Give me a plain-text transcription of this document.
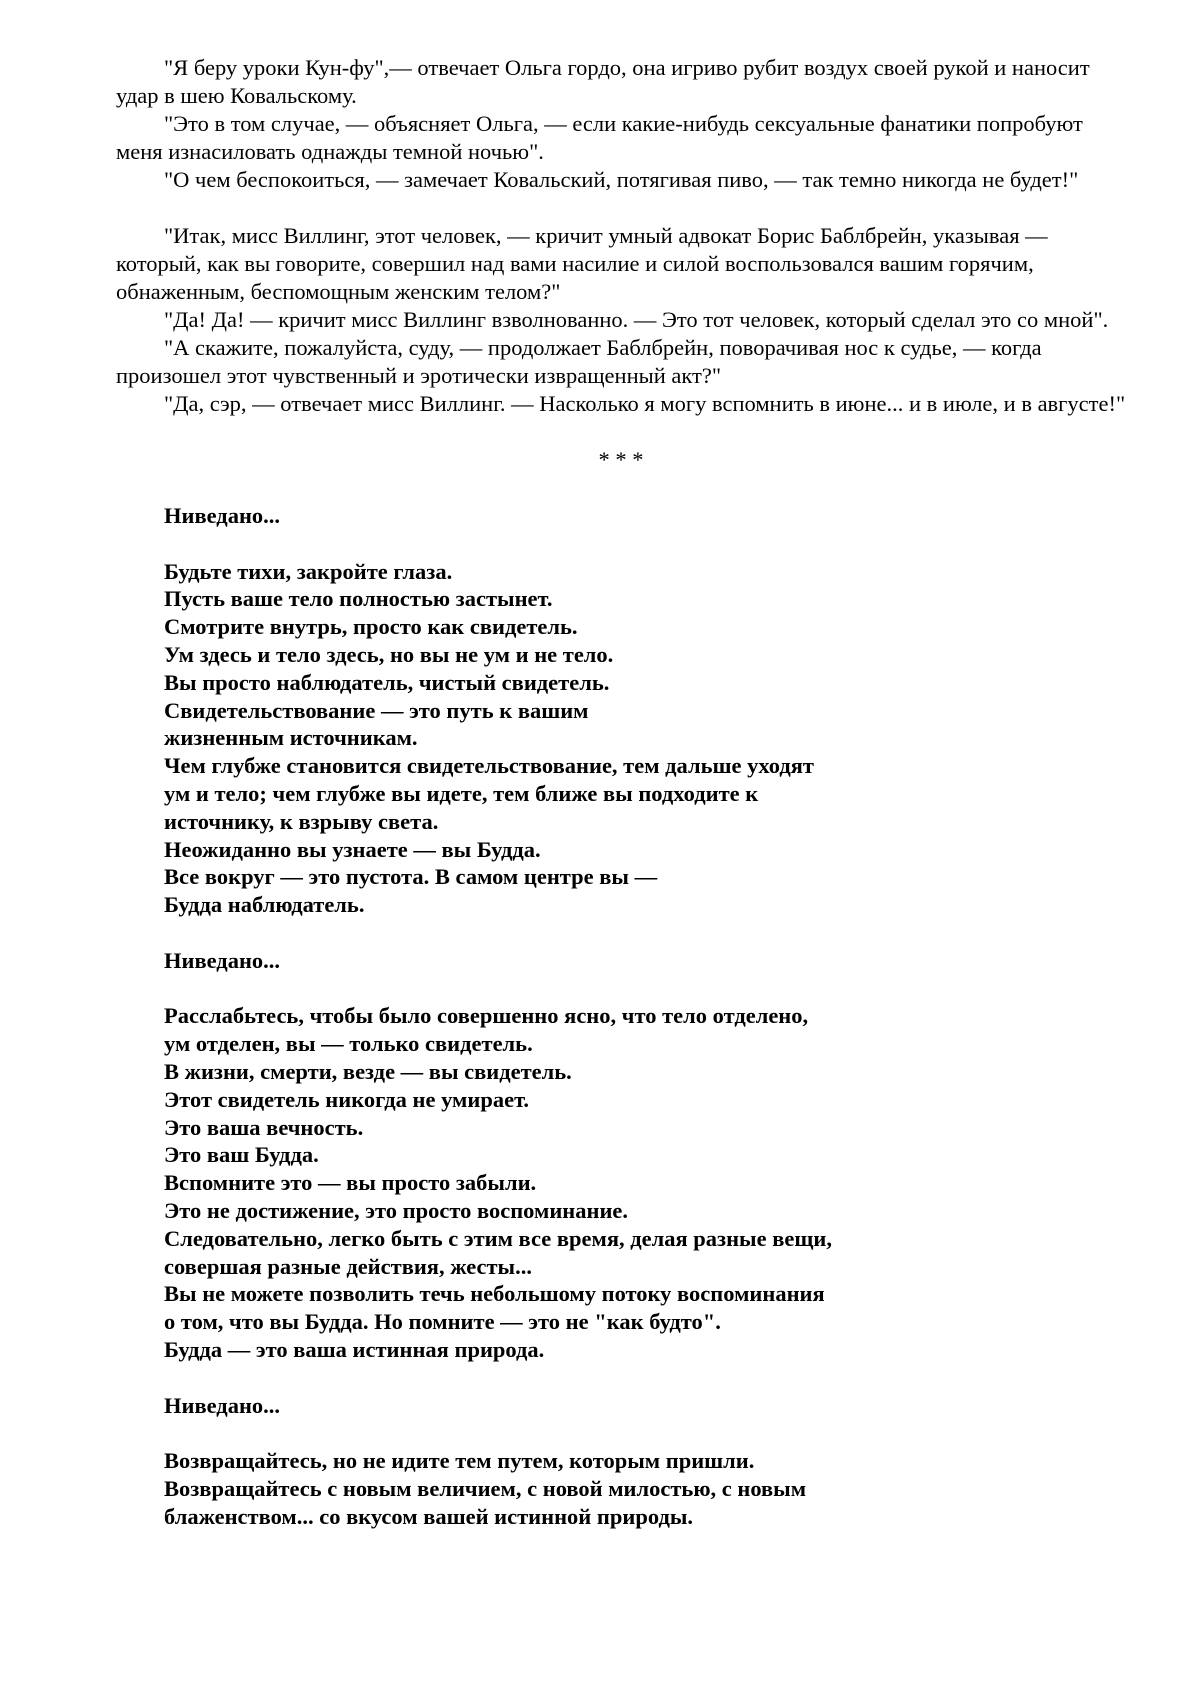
"Я беру уроки Кун-фу",— отвечает Ольга гордо, она игриво рубит воздух своей рукой и наносит удар в шею Ковальскому.

"Это в том случае, — объясняет Ольга, — если какие-нибудь сексуальные фанатики попробуют меня изнасиловать однажды темной ночью".

"О чем беспокоиться, — замечает Ковальский, потягивая пиво, — так темно никогда не будет!"

"Итак, мисс Виллинг, этот человек, — кричит умный адвокат Борис Баблбрейн, указывая — который, как вы говорите, совершил над вами насилие и силой воспользовался вашим горячим, обнаженным, беспомощным женским телом?"

"Да! Да! — кричит мисс Виллинг взволнованно. — Это тот человек, который сделал это со мной".

"А скажите, пожалуйста, суду, — продолжает Баблбрейн, поворачивая нос к судье, — когда произошел этот чувственный и эротически извращенный акт?"

"Да, сэр, — отвечает мисс Виллинг. — Насколько я могу вспомнить в июне... и в июле, и в августе!"

* * *
Ниведано...
Будьте тихи, закройте глаза.
Пусть ваше тело полностью застынет.
Смотрите внутрь, просто как свидетель.
Ум здесь и тело здесь, но вы не ум и не тело.
Вы просто наблюдатель, чистый свидетель.
Свидетельствование — это путь к вашим
жизненным источникам.
Чем глубже становится свидетельствование, тем дальше уходят
ум и тело; чем глубже вы идете, тем ближе вы подходите к
источнику, к взрыву света.
Неожиданно вы узнаете — вы Будда.
Все вокруг — это пустота. В самом центре вы —
Будда наблюдатель.
Ниведано...
Расслабьтесь, чтобы было совершенно ясно, что тело отделено,
ум отделен, вы — только свидетель.
В жизни, смерти, везде — вы свидетель.
Этот свидетель никогда не умирает.
Это ваша вечность.
Это ваш Будда.
Вспомните это — вы просто забыли.
Это не достижение, это просто воспоминание.
Следовательно, легко быть с этим все время, делая разные вещи,
совершая разные действия, жесты...
Вы не можете позволить течь небольшому потоку воспоминания
о том, что вы Будда. Но помните — это не "как будто".
Будда — это ваша истинная природа.
Ниведано...
Возвращайтесь, но не идите тем путем, которым пришли.
Возвращайтесь с новым величием, с новой милостью, с новым
блаженством... со вкусом вашей истинной природы.
